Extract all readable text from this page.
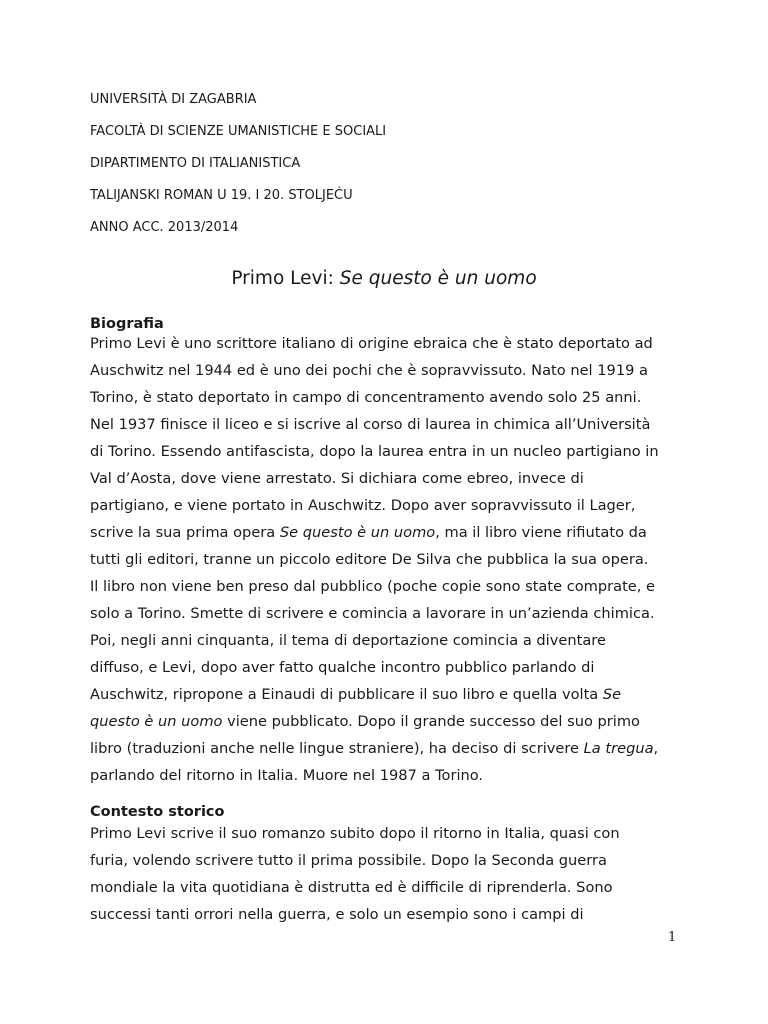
UNIVERSITÀ DI ZAGABRIA
FACOLTÀ DI SCIENZE UMANISTICHE E SOCIALI
DIPARTIMENTO DI ITALIANISTICA
TALIJANSKI ROMAN U 19. I 20. STOLJEĆU
ANNO ACC. 2013/2014
Primo Levi: Se questo è un uomo
Biografia
Primo Levi è uno scrittore italiano di origine ebraica che è stato deportato ad
Auschwitz nel 1944 ed è uno dei pochi che è sopravvissuto. Nato nel 1919 a
Torino, è stato deportato in campo di concentramento avendo solo 25 anni.
Nel 1937 finisce il liceo e si iscrive al corso di laurea in chimica all’Università
di Torino. Essendo antifascista, dopo la laurea entra in un nucleo partigiano in
Val d’Aosta, dove viene arrestato. Si dichiara come ebreo, invece di
partigiano, e viene portato in Auschwitz. Dopo aver sopravvissuto il Lager,
scrive la sua prima opera Se questo è un uomo, ma il libro viene rifiutato da
tutti gli editori, tranne un piccolo editore De Silva che pubblica la sua opera.
Il libro non viene ben preso dal pubblico (poche copie sono state comprate, e
solo a Torino. Smette di scrivere e comincia a lavorare in un’azienda chimica.
Poi, negli anni cinquanta, il tema di deportazione comincia a diventare
diffuso, e Levi, dopo aver fatto qualche incontro pubblico parlando di
Auschwitz, ripropone a Einaudi di pubblicare il suo libro e quella volta Se
questo è un uomo viene pubblicato. Dopo il grande successo del suo primo
libro (traduzioni anche nelle lingue straniere), ha deciso di scrivere La tregua,
parlando del ritorno in Italia. Muore nel 1987 a Torino.
Contesto storico
Primo Levi scrive il suo romanzo subito dopo il ritorno in Italia, quasi con
furia, volendo scrivere tutto il prima possibile. Dopo la Seconda guerra
mondiale la vita quotidiana è distrutta ed è difficile di riprenderla. Sono
successi tanti orrori nella guerra, e solo un esempio sono i campi di
1
